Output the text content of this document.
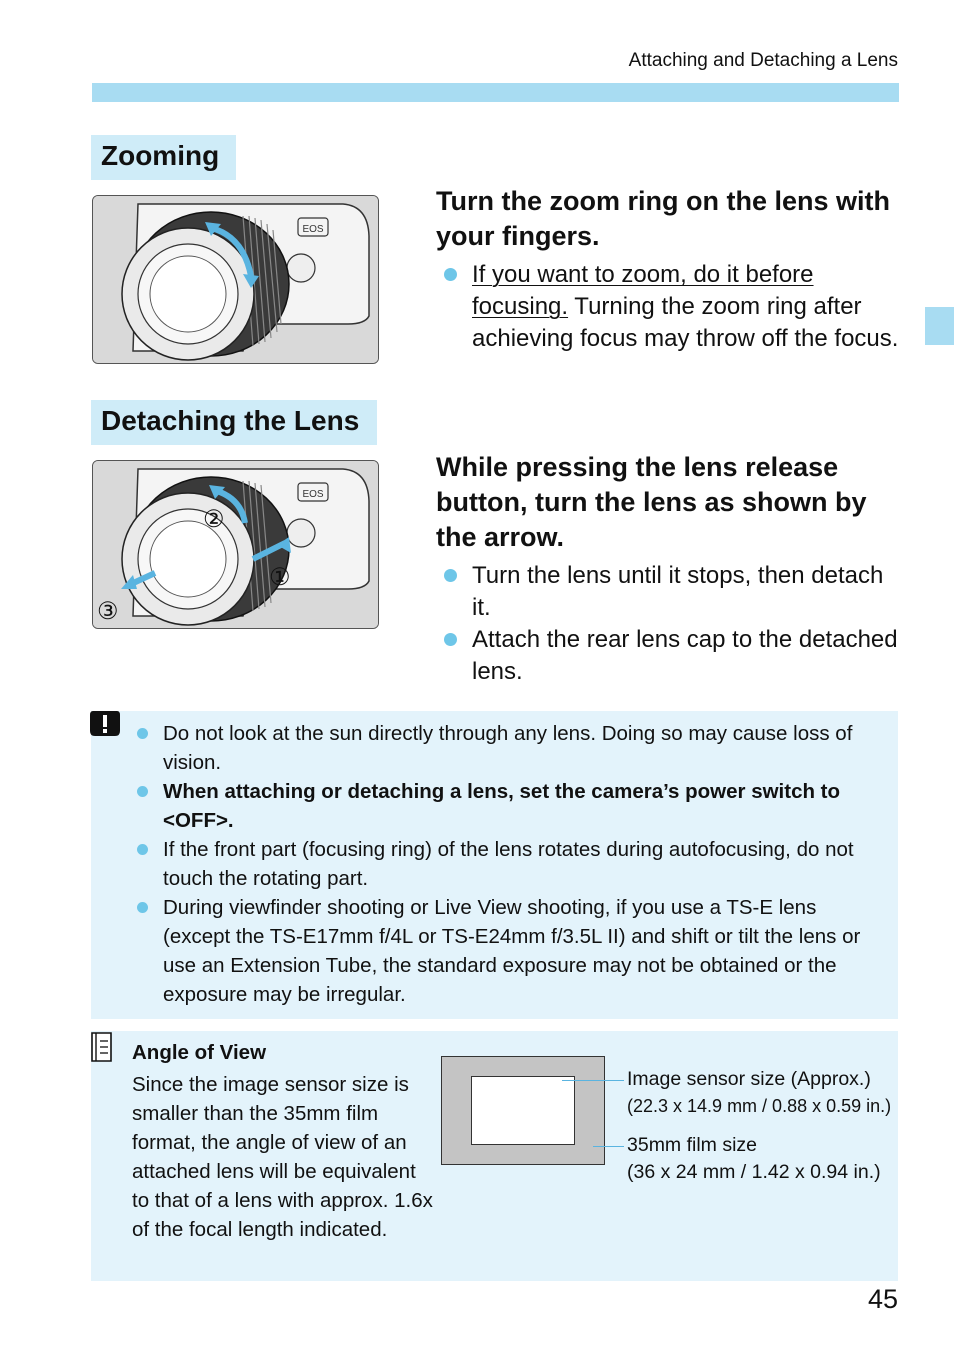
Attaching and Detaching a Lens
Zooming
EOS
Turn the zoom ring on the lens with your fingers.
If you want to zoom, do it before focusing. Turning the zoom ring after achieving focus may throw off the focus.
Detaching the Lens
EOS
②
①
③
While pressing the lens release button, turn the lens as shown by the arrow.
Turn the lens until it stops, then detach it.
Attach the rear lens cap to the detached lens.
Do not look at the sun directly through any lens. Doing so may cause loss of vision.
When attaching or detaching a lens, set the camera’s power switch to <OFF>.
If the front part (focusing ring) of the lens rotates during autofocusing, do not touch the rotating part.
During viewfinder shooting or Live View shooting, if you use a TS-E lens (except the TS-E17mm f/4L or TS-E24mm f/3.5L II) and shift or tilt the lens or use an Extension Tube, the standard exposure may not be obtained or the exposure may be irregular.
Angle of View
Since the image sensor size is smaller than the 35mm film format, the angle of view of an attached lens will be equivalent to that of a lens with approx. 1.6x of the focal length indicated.
Image sensor size (Approx.)
(22.3 x 14.9 mm / 0.88 x 0.59 in.)
35mm film size
(36 x 24 mm / 1.42 x 0.94 in.)
45
